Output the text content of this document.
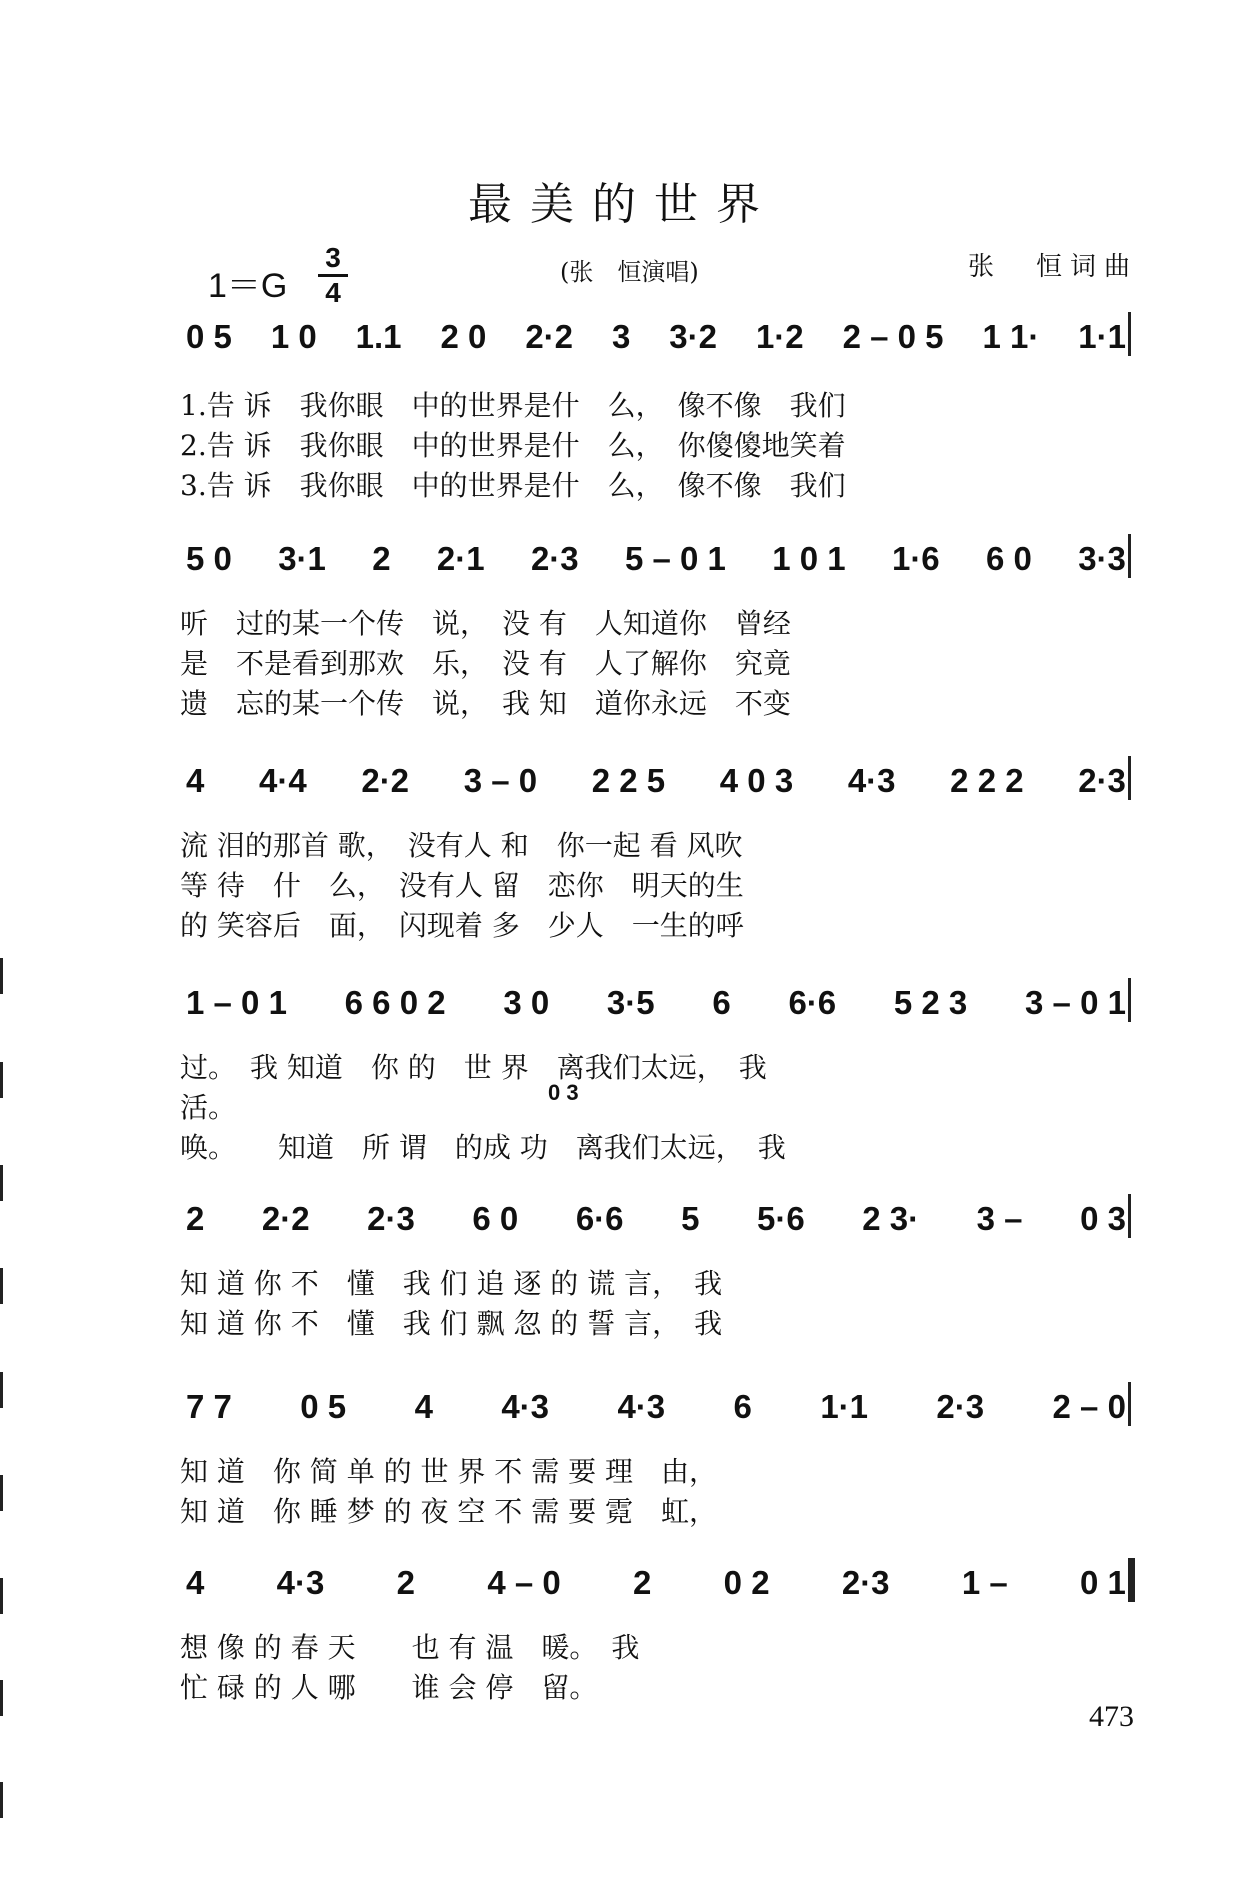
最美的世界
1＝G
3
4
(张　恒演唱)	张　恒词曲
0 5 1 0 1.1 2 0 2·2 3 3·2 1·2 2 – 0 5 1 1· 1·1
1.告 诉　我你眼　中的世界是什　么，　像不像　我们
2.告 诉　我你眼　中的世界是什　么，　你傻傻地笑着
3.告 诉　我你眼　中的世界是什　么，　像不像　我们
5 0 3·1 2 2·1 2·3 5 – 0 1 1 0 1 1·6 6 0 3·3
听　过的某一个传　说，　没 有　人知道你　曾经
是　不是看到那欢　乐，　没 有　人了解你　究竟
遗　忘的某一个传　说，　我 知　道你永远　不变
4 4·4 2·2 3 – 0 2 2 5 4 0 3 4·3 2 2 2 2·3
流 泪的那首 歌，　没有人 和　你一起 看 风吹
等 待　什　么，　没有人 留　恋你　明天的生
的 笑容后　面，　闪现着 多　少人　一生的呼
1 – 0 1 6 6 0 2 3 0 3·5 6 6·6 5 2 3 3 – 0 1
过。　我 知道　你 的　世 界　离我们太远，　我
活。
唤。　　知道　所 谓　的成 功　离我们太远，　我
0 3
2 2·2 2·3 6 0 6·6 5 5·6 2 3· 3 – 0 3
知 道 你 不　懂　我 们 追 逐 的 谎 言，　我
知 道 你 不　懂　我 们 飘 忽 的 誓 言，　我
7 7 0 5 4 4·3 4·3 6 1·1 2·3 2 – 0
知 道　你 简 单 的 世 界 不 需 要 理　由，
知 道　你 睡 梦 的 夜 空 不 需 要 霓　虹，
4 4·3 2 4 – 0 2 0 2 2·3 1 – 0 1
想 像 的 春 天　　也 有 温　暖。　我
忙 碌 的 人 哪　　谁 会 停　留。
473
